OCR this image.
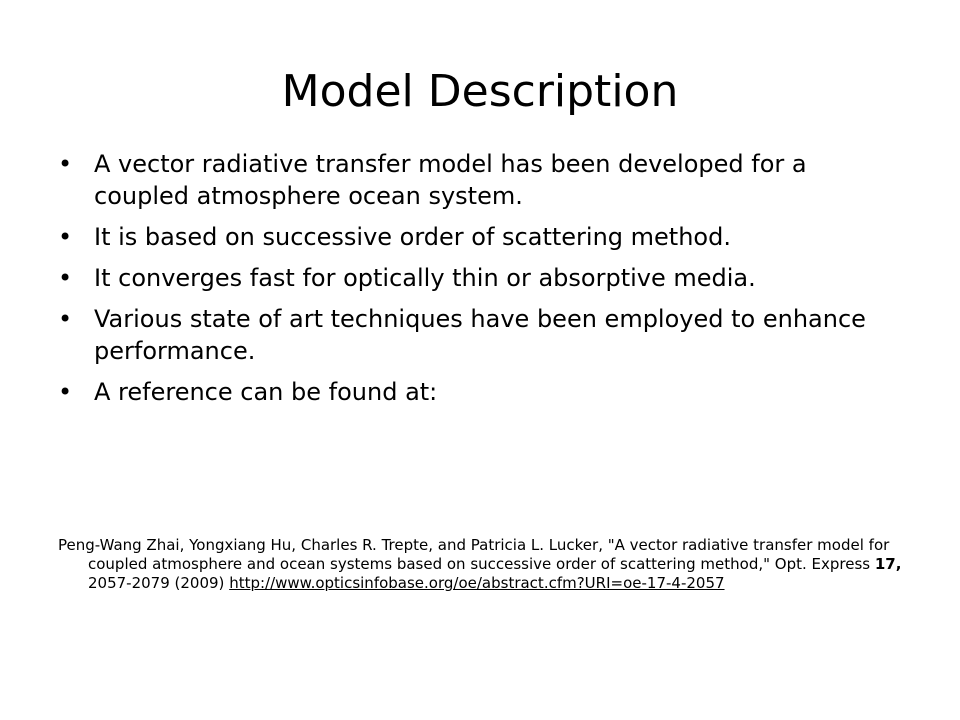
Model Description
• A vector radiative transfer model has been developed for a coupled atmosphere ocean system.
• It is based on successive order of scattering method.
• It converges fast for optically thin or absorptive media.
• Various state of art techniques have been employed to enhance performance.
• A reference can be found at:

Peng-Wang Zhai, Yongxiang Hu, Charles R. Trepte, and Patricia L. Lucker, "A vector radiative transfer model for coupled atmosphere and ocean systems based on successive order of scattering method," Opt. Express 17, 2057-2079 (2009) http://www.opticsinfobase.org/oe/abstract.cfm?URI=oe-17-4-2057
